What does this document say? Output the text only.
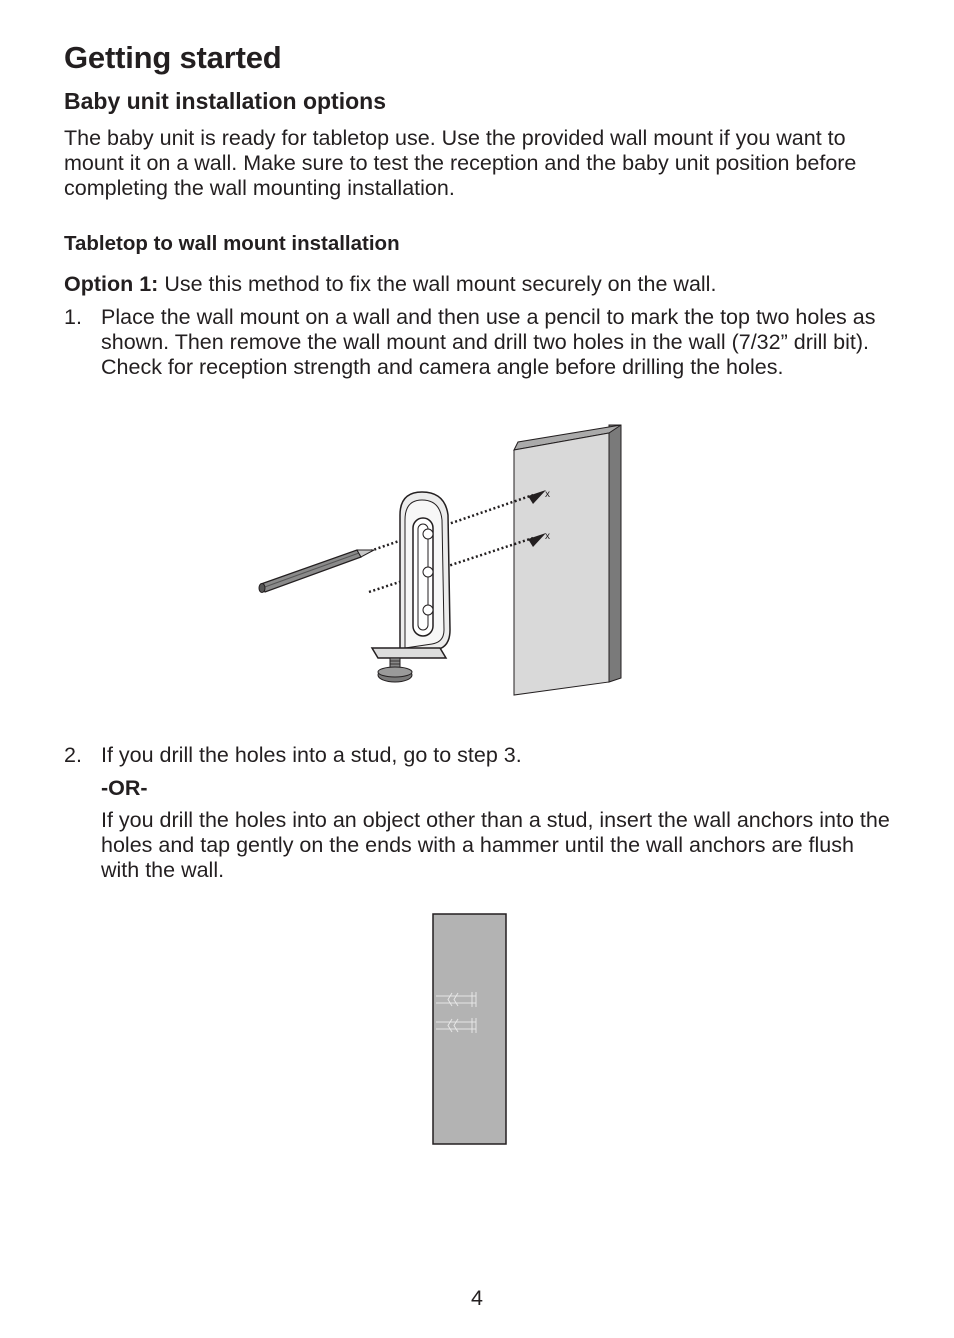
Getting started
Baby unit installation options

The baby unit is ready for tabletop use. Use the provided wall mount if you want to mount it on a wall. Make sure to test the reception and the baby unit position before completing the wall mounting installation.

Tabletop to wall mount installation

Option 1: Use this method to fix the wall mount securely on the wall.

1. Place the wall mount on a wall and then use a pencil to mark the top two holes as shown. Then remove the wall mount and drill two holes in the wall (7/32” drill bit). Check for reception strength and camera angle before drilling the holes.
x
x
2. If you drill the holes into a stud, go to step 3.
-OR-

If you drill the holes into an object other than a stud, insert the wall anchors into the holes and tap gently on the ends with a hammer until the wall anchors are flush with the wall.

4
